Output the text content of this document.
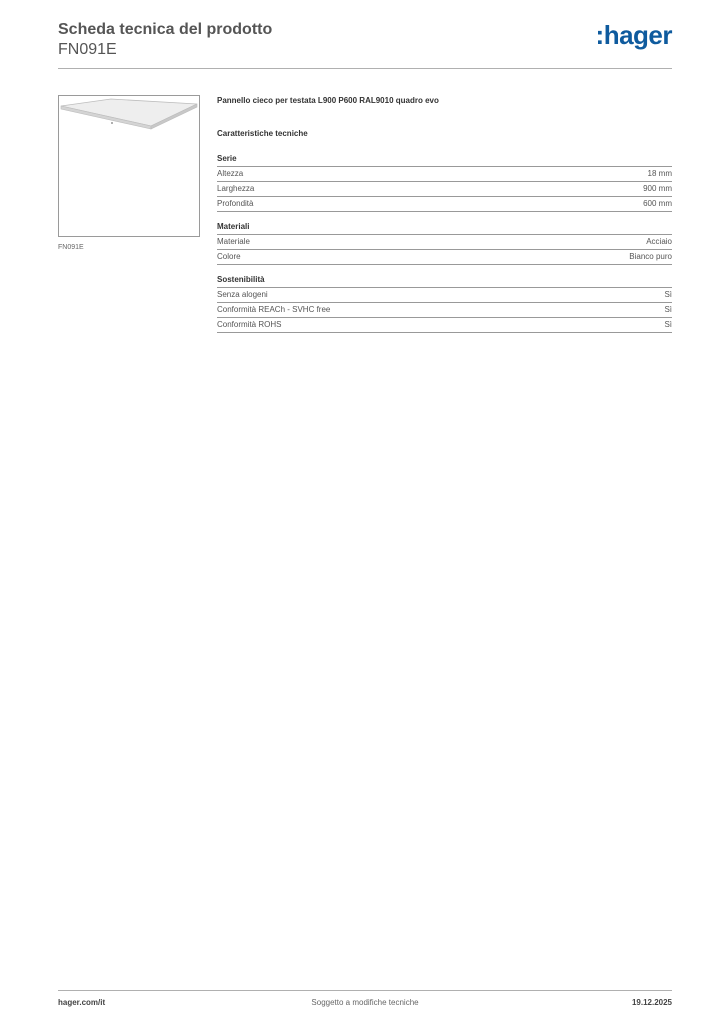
Scheda tecnica del prodotto
FN091E	:hager
FN091E
Pannello cieco per testata L900 P600 RAL9010 quadro evo
Caratteristiche tecniche
Serie
Altezza	18 mm
Larghezza	900 mm
Profondità	600 mm
Materiali
Materiale	Acciaio
Colore	Bianco puro
Sostenibilità
Senza alogeni	Sì
Conformità REACh - SVHC free	Sì
Conformità ROHS	Sì
hager.com/it	Soggetto a modifiche tecniche	19.12.2025
